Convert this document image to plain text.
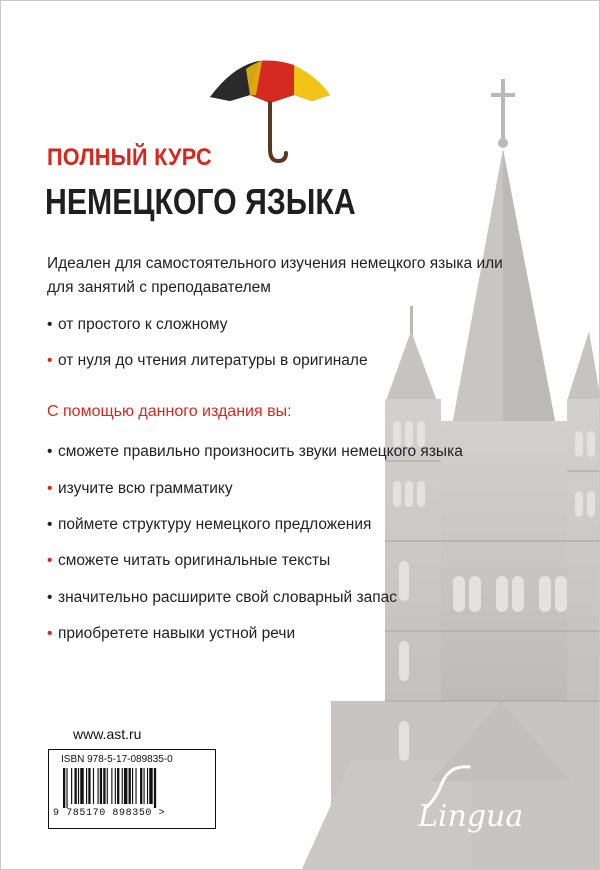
ПОЛНЫЙ КУРС
НЕМЕЦКОГО ЯЗЫКА
Идеален для самостоятельного изучения немецкого языка или для занятий с преподавателем
• от простого к сложному
• от нуля до чтения литературы в оригинале
С помощью данного издания вы:
• сможете правильно произносить звуки немецкого языка
• изучите всю грамматику
• поймете структуру немецкого предложения
• сможете читать оригинальные тексты
• значительно расширите свой словарный запас
• приобретете навыки устной речи
www.ast.ru
ISBN 978-5-17-089835-0
9 785170 898350 >	Lingua
